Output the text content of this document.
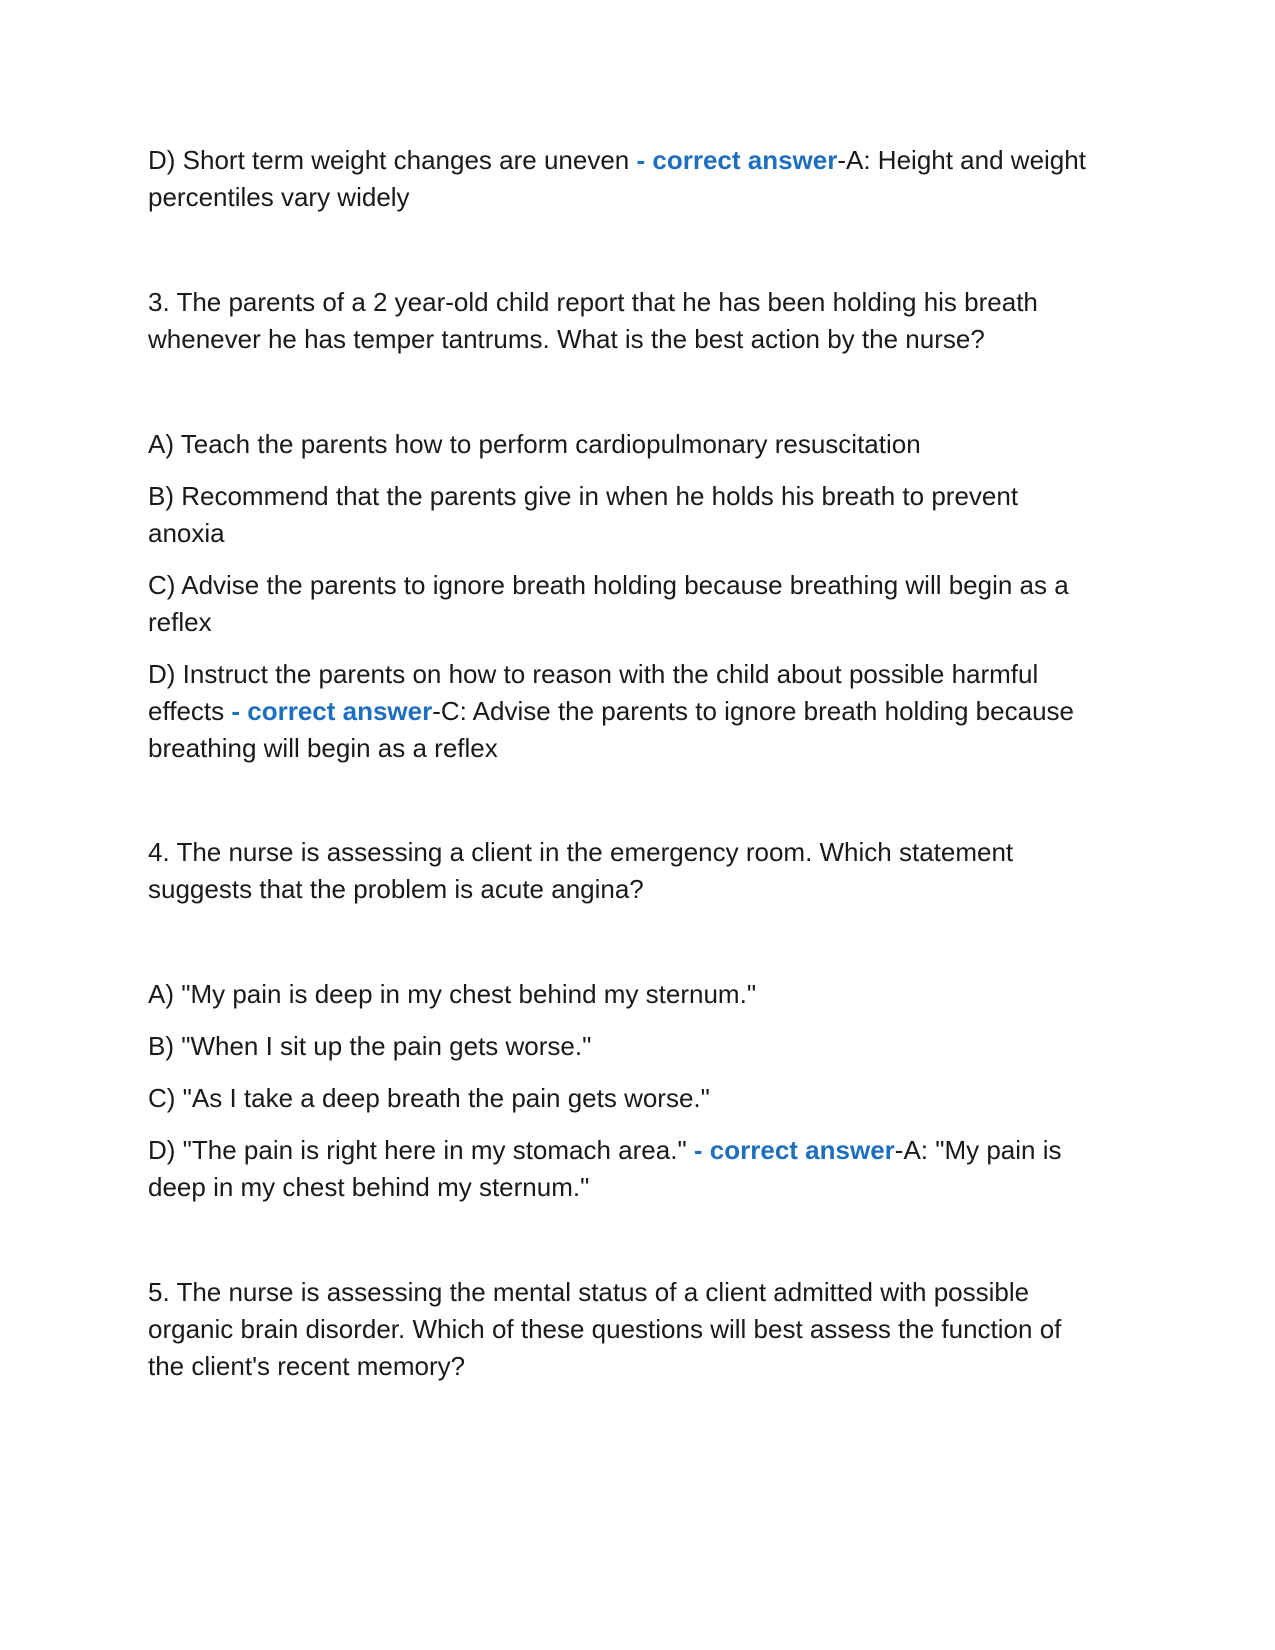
D) Short term weight changes are uneven - correct answer-A: Height and weight

percentiles vary widely

3. The parents of a 2 year-old child report that he has been holding his breath

whenever he has temper tantrums. What is the best action by the nurse?

A) Teach the parents how to perform cardiopulmonary resuscitation

B) Recommend that the parents give in when he holds his breath to prevent

anoxia

C) Advise the parents to ignore breath holding because breathing will begin as a

reflex

D) Instruct the parents on how to reason with the child about possible harmful

effects - correct answer-C: Advise the parents to ignore breath holding because

breathing will begin as a reflex

4. The nurse is assessing a client in the emergency room. Which statement

suggests that the problem is acute angina?

A) "My pain is deep in my chest behind my sternum."

B) "When I sit up the pain gets worse."

C) "As I take a deep breath the pain gets worse."

D) "The pain is right here in my stomach area." - correct answer-A: "My pain is

deep in my chest behind my sternum."

5. The nurse is assessing the mental status of a client admitted with possible

organic brain disorder. Which of these questions will best assess the function of

the client's recent memory?
